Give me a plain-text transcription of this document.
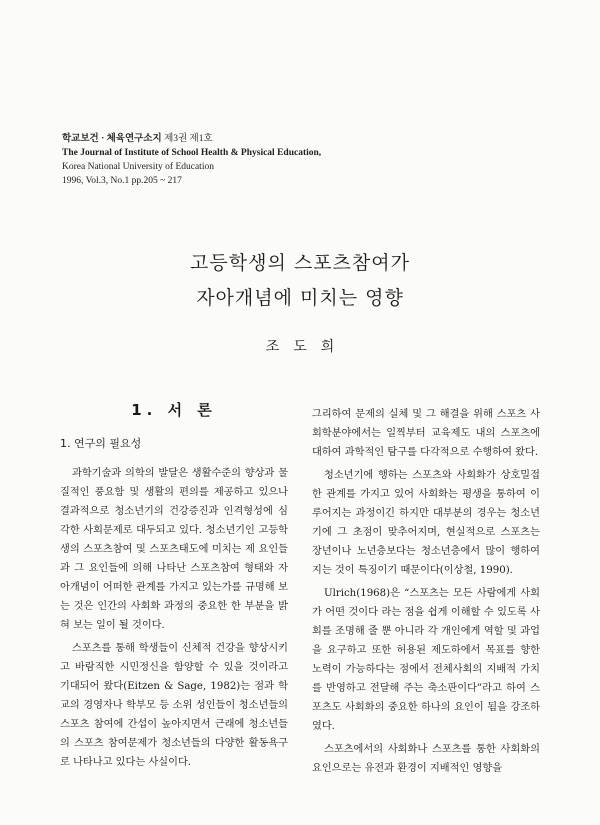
학교보건 · 체육연구소지 제3권 제1호
The Journal of Institute of School Health & Physical Education,
Korea National University of Education
1996, Vol.3, No.1 pp.205 ~ 217
고등학생의 스포츠참여가
자아개념에 미치는 영향
조도희
1. 서 론
1. 연구의 필요성

과학기술과 의학의 발달은 생활수준의 향상과 물질적인 풍요함 및 생활의 편의를 제공하고 있으나 결과적으로 청소년기의 건강증진과 인격형성에 심각한 사회문제로 대두되고 있다. 청소년기인 고등학생의 스포츠참여 및 스포츠태도에 미치는 제 요인들과 그 요인들에 의해 나타난 스포츠참여 형태와 자아개념이 어떠한 관계를 가지고 있는가를 규명해 보는 것은 인간의 사회화 과정의 중요한 한 부분을 밝혀 보는 일이 될 것이다.

스포츠를 통해 학생들이 신체적 건강을 향상시키고 바람직한 시민정신을 함양할 수 있을 것이라고 기대되어 왔다(Eitzen & Sage, 1982)는 점과 학교의 경영자나 학부모 등 소위 성인들이 청소년들의 스포츠 참여에 간섭이 높아지면서 근래에 청소년들의 스포츠 참여문제가 청소년들의 다양한 활동욕구로 나타나고 있다는 사실이다.

그리하여 문제의 실체 및 그 해결을 위해 스포츠 사회학분야에서는 일찍부터 교육제도 내의 스포츠에 대하여 과학적인 탐구를 다각적으로 수행하여 왔다.

청소년기에 행하는 스포츠와 사회화가 상호밀접한 관계를 가지고 있어 사회화는 평생을 통하여 이루어지는 과정이긴 하지만 대부분의 경우는 청소년기에 그 초점이 맞추어지며, 현실적으로 스포츠는 장년이나 노년층보다는 청소년층에서 많이 행하여지는 것이 특징이기 때문이다(이상철, 1990).

Ulrich(1968)은 “스포츠는 모든 사람에게 사회가 어떤 것이다 라는 점을 쉽게 이해할 수 있도록 사회를 조명해 줄 뿐 아니라 각 개인에게 역할 및 과업을 요구하고 또한 허용된 제도하에서 목표를 향한 노력이 가능하다는 점에서 전체사회의 지배적 가치를 반영하고 전달해 주는 축소판이다”라고 하여 스포츠도 사회화의 중요한 하나의 요인이 됨을 강조하였다.

스포츠에서의 사회화나 스포츠를 통한 사회화의 요인으로는 유전과 환경이 지배적인 영향을
